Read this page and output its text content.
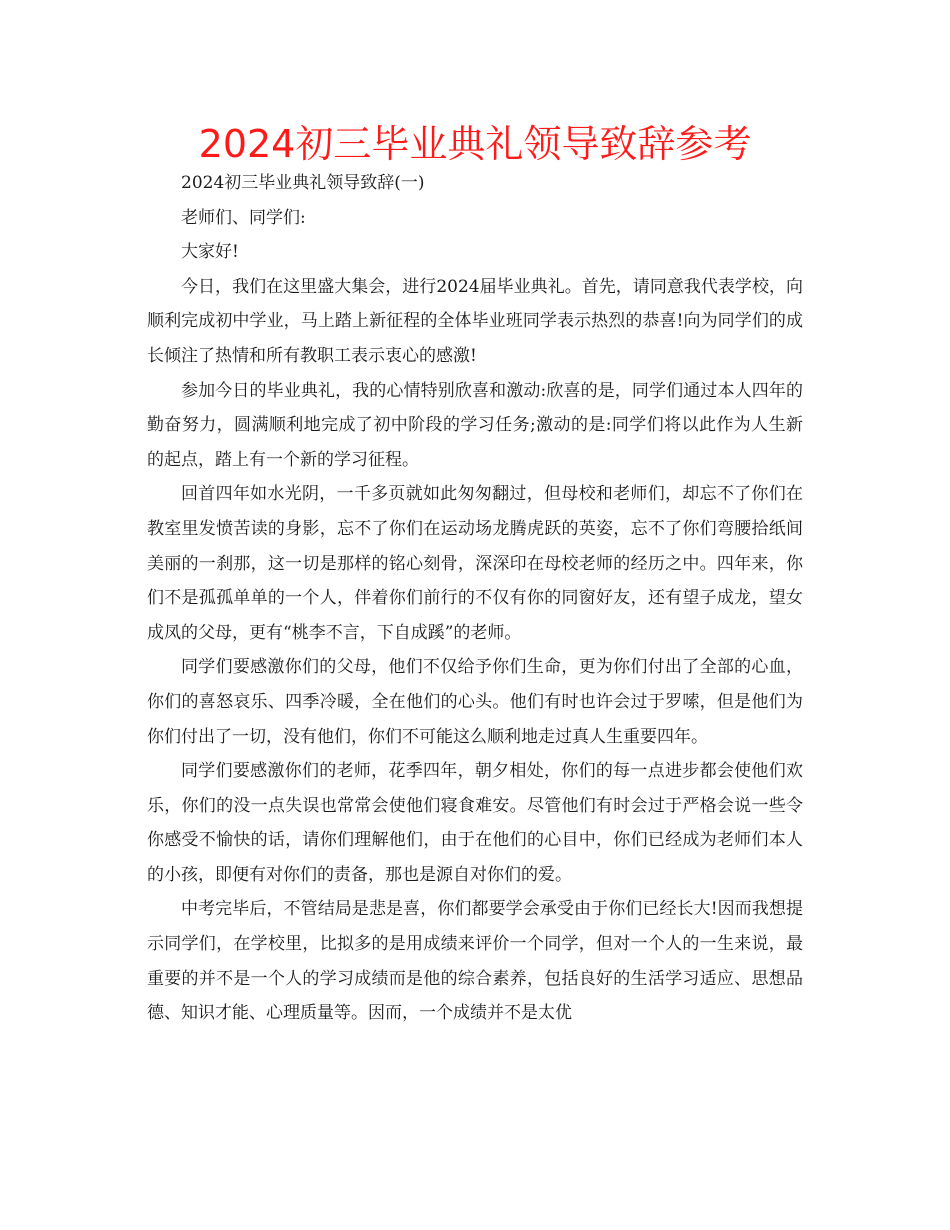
2024初三毕业典礼领导致辞参考

2024初三毕业典礼领导致辞(一)

老师们、同学们:

大家好!

今日，我们在这里盛大集会，进行2024届毕业典礼。首先，请同意我代表学校，向顺利完成初中学业，马上踏上新征程的全体毕业班同学表示热烈的恭喜!向为同学们的成长倾注了热情和所有教职工表示衷心的感激!

参加今日的毕业典礼，我的心情特别欣喜和激动:欣喜的是，同学们通过本人四年的勤奋努力，圆满顺利地完成了初中阶段的学习任务;激动的是:同学们将以此作为人生新的起点，踏上有一个新的学习征程。

回首四年如水光阴，一千多页就如此匆匆翻过，但母校和老师们，却忘不了你们在教室里发愤苦读的身影，忘不了你们在运动场龙腾虎跃的英姿，忘不了你们弯腰拾纸间美丽的一刹那，这一切是那样的铭心刻骨，深深印在母校老师的经历之中。四年来，你们不是孤孤单单的一个人，伴着你们前行的不仅有你的同窗好友，还有望子成龙，望女成凤的父母，更有“桃李不言，下自成蹊”的老师。

同学们要感激你们的父母，他们不仅给予你们生命，更为你们付出了全部的心血，你们的喜怒哀乐、四季冷暖，全在他们的心头。他们有时也许会过于罗嗦，但是他们为你们付出了一切，没有他们，你们不可能这么顺利地走过真人生重要四年。

同学们要感激你们的老师，花季四年，朝夕相处，你们的每一点进步都会使他们欢乐，你们的没一点失误也常常会使他们寝食难安。尽管他们有时会过于严格会说一些令你感受不愉快的话，请你们理解他们，由于在他们的心目中，你们已经成为老师们本人的小孩，即便有对你们的责备，那也是源自对你们的爱。

中考完毕后，不管结局是悲是喜，你们都要学会承受由于你们已经长大!因而我想提示同学们，在学校里，比拟多的是用成绩来评价一个同学，但对一个人的一生来说，最重要的并不是一个人的学习成绩而是他的综合素养，包括良好的生活学习适应、思想品德、知识才能、心理质量等。因而，一个成绩并不是太优
